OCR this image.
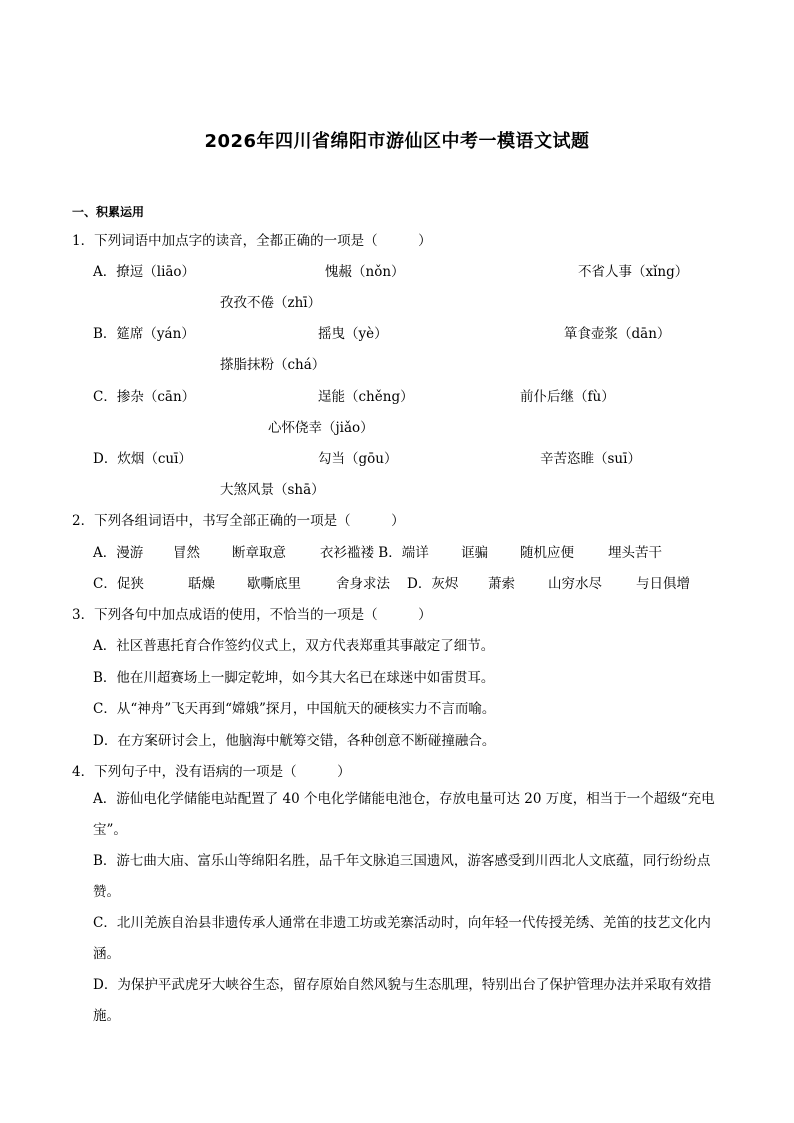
2026年四川省绵阳市游仙区中考一模语文试题
一、积累运用
1．下列词语中加点字的读音，全都正确的一项是（　　　）
A．撩逗（liāo）	愧赧（nǒn）	不省人事（xǐng）
孜孜不倦（zhī）
B．筵席（yán）	摇曳（yè）	箪食壶浆（dān）
搽脂抹粉（chá）
C．掺杂（cān）	逞能（chěng）	前仆后继（fù）
心怀侥幸（jiǎo）
D．炊烟（cuī）	勾当（gōu）	辛苦恣睢（suī）
大煞风景（shā）
2．下列各组词语中，书写全部正确的一项是（　　　）
A．漫游 冒然 断章取意	衣衫褴褛 B．端详 诓骗 随机应便	埋头苦干
C．促狭	聒燥 歇嘶底里	舍身求法 D．灰烬 萧索 山穷水尽	与日俱增
3．下列各句中加点成语的使用，不恰当的一项是（　　　）
A．社区普惠托育合作签约仪式上，双方代表郑重其事敲定了细节。
B．他在川超赛场上一脚定乾坤，如今其大名已在球迷中如雷贯耳。
C．从“神舟”飞天再到“嫦娥”探月，中国航天的硬核实力不言而喻。
D．在方案研讨会上，他脑海中觥筹交错，各种创意不断碰撞融合。
4．下列句子中，没有语病的一项是（　　　）
A．游仙电化学储能电站配置了 40 个电化学储能电池仓，存放电量可达 20 万度，相当于一个超级“充电宝”。
B．游七曲大庙、富乐山等绵阳名胜，品千年文脉追三国遗风，游客感受到川西北人文底蕴，同行纷纷点赞。
C．北川羌族自治县非遗传承人通常在非遗工坊或羌寨活动时，向年轻一代传授羌绣、羌笛的技艺文化内涵。
D．为保护平武虎牙大峡谷生态，留存原始自然风貌与生态肌理，特别出台了保护管理办法并采取有效措施。
